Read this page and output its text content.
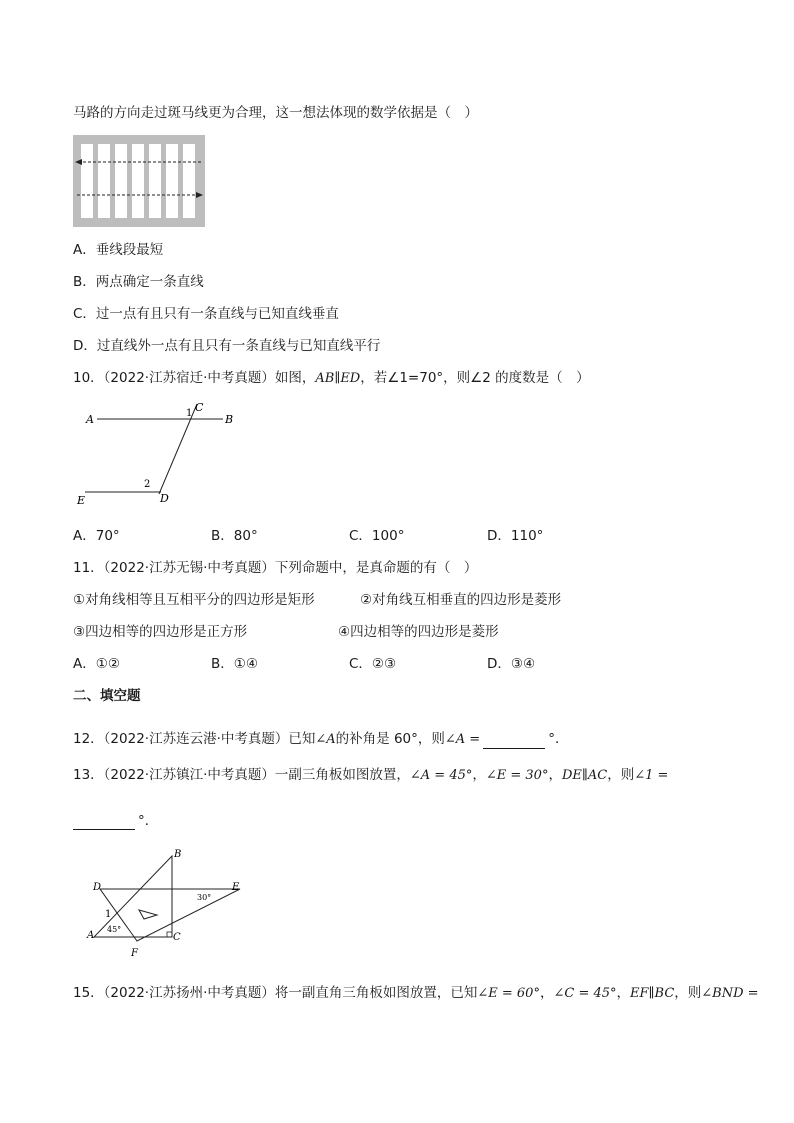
马路的方向走过斑马线更为合理，这一想法体现的数学依据是（　）
A．垂线段最短
B．两点确定一条直线
C．过一点有且只有一条直线与已知直线垂直
D．过直线外一点有且只有一条直线与已知直线平行
10．（2022·江苏宿迁·中考真题）如图，AB∥ED，若∠1=70°，则∠2 的度数是（　）
C
A	B
1
2
E	D
A．70°	B．80°	C．100°	D．110°
11．（2022·江苏无锡·中考真题）下列命题中，是真命题的有（　）
①对角线相等且互相平分的四边形是矩形	②对角线互相垂直的四边形是菱形
③四边相等的四边形是正方形	④四边相等的四边形是菱形
A．①②	B．①④	C．②③	D．③④
二、填空题
12．（2022·江苏连云港·中考真题）已知∠A的补角是 60°，则∠A =	°．
13．（2022·江苏镇江·中考真题）一副三角板如图放置，∠A = 45°，∠E = 30°，DE∥AC，则∠1 =
°．
B
D	E
1
45°
30°
A	C
F
15．（2022·江苏扬州·中考真题）将一副直角三角板如图放置，已知∠E = 60°，∠C = 45°，EF∥BC，则∠BND =
